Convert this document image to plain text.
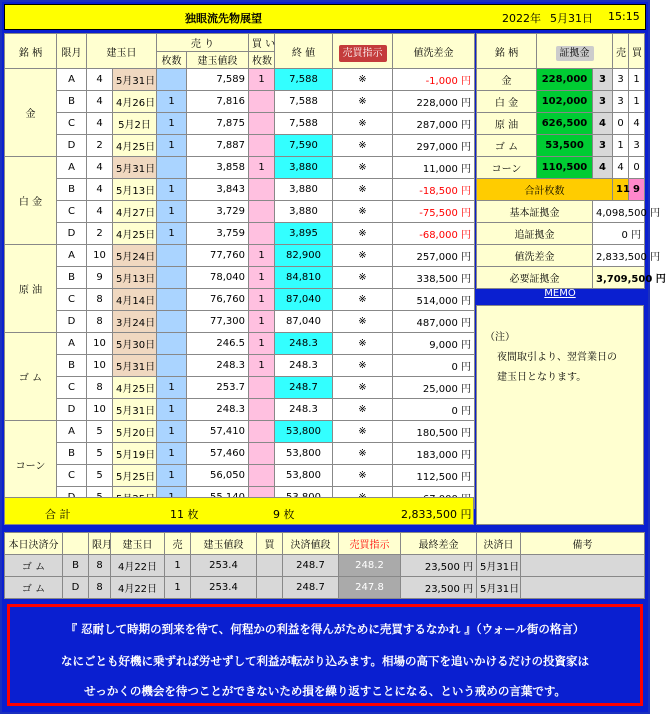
独眼流先物展望	2022年 5月31日 15:15
銘 柄	限月	建玉日		売 り		買 い	終 値	売買指示	値洗差金
				枚数	建玉値段	枚数			
金	A	4	5月31日		7,589	1	7,588	※	-1,000 円
	B	4	4月26日	1	7,816		7,588	※	228,000 円
	C	4	5月2日	1	7,875		7,588	※	287,000 円
	D	2	4月25日	1	7,887		7,590	※	297,000 円
白 金	A	4	5月31日		3,858	1	3,880	※	11,000 円
	B	4	5月13日	1	3,843		3,880	※	-18,500 円
	C	4	4月27日	1	3,729		3,880	※	-75,500 円
	D	2	4月25日	1	3,759		3,895	※	-68,000 円
原 油	A	10	5月24日		77,760	1	82,900	※	257,000 円
	B	9	5月13日		78,040	1	84,810	※	338,500 円
	C	8	4月14日		76,760	1	87,040	※	514,000 円
	D	8	3月24日		77,300	1	87,040	※	487,000 円
ゴ ム	A	10	5月30日		246.5	1	248.3	※	9,000 円
	B	10	5月31日		248.3	1	248.3	※	0 円
	C	8	4月25日	1	253.7		248.7	※	25,000 円
	D	10	5月31日	1	248.3		248.3	※	0 円
コーン	A	5	5月20日	1	57,410		53,800	※	180,500 円
	B	5	5月19日	1	57,460		53,800	※	183,000 円
	C	5	5月25日	1	56,050		53,800	※	112,500 円

合 計	11 枚	9 枚	2,833,500 円
銘 柄	証拠金		売	買
金	228,000	3	3	1
白 金	102,000	3	3	1
原 油	626,500	4	0	4
ゴ ム	53,500	3	1	3
コーン	110,500	4	4	0
合計枚数			11	9
基本証拠金		4,098,500 円		
追証拠金		0 円		
値洗差金		2,833,500 円		
必要証拠金		3,709,500 円		
MEMO
（注）
夜間取引より、翌営業日の
建玉日となります。
本日決済分		限月	建玉日	売	建玉値段	買	決済値段	売買指示	最終差金	決済日	備考
ゴ ム	B	8	4月22日	1	253.4		248.7	248.2	23,500 円	5月31日	
ゴ ム	D	8	4月22日	1	253.4		248.7	247.8	23,500 円	5月31日	
『 忍耐して時期の到来を待て、何程かの利益を得んがために売買するなかれ 』（ウォール街の格言）
なにごとも好機に乗ずれば労せずして利益が転がり込みます。相場の高下を追いかけるだけの投資家は
せっかくの機会を待つことができないため損を繰り返すことになる、という戒めの言葉です。
